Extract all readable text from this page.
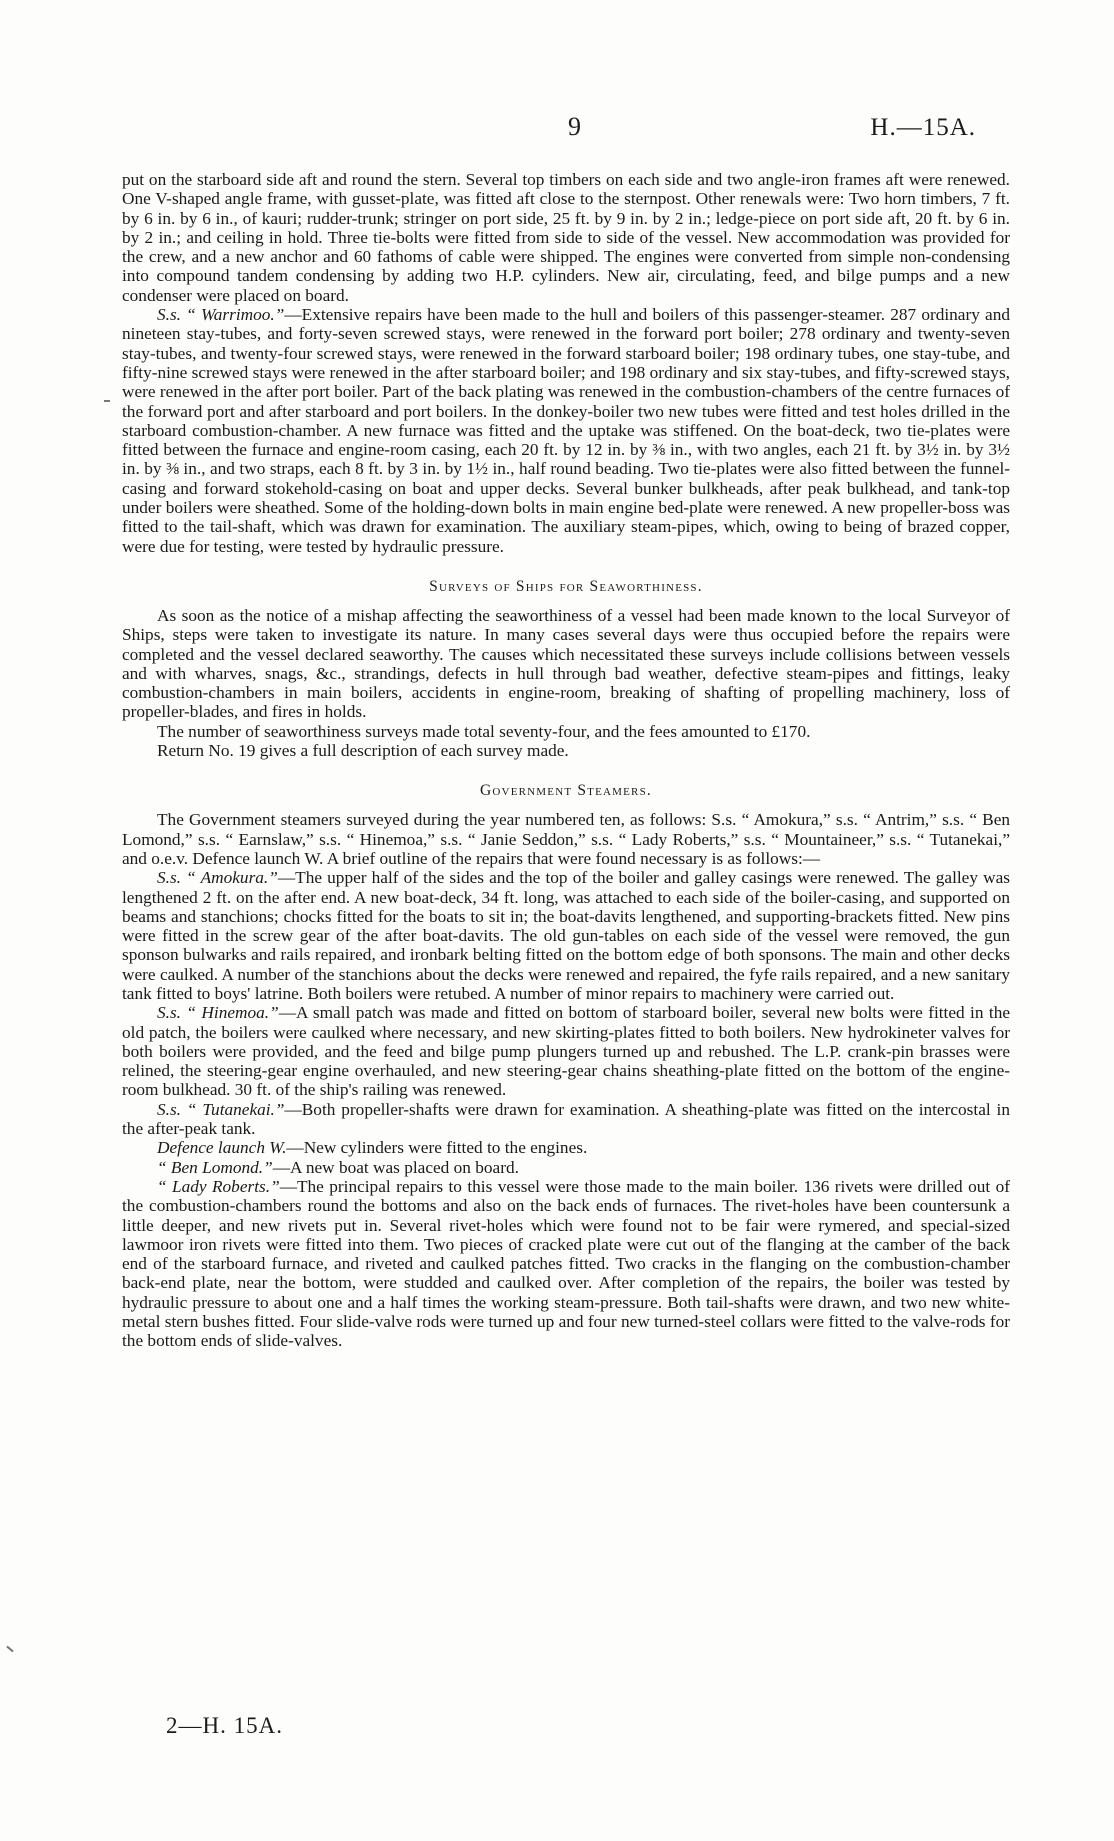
9	H.—15A.

put on the starboard side aft and round the stern. Several top timbers on each side and two angle-iron frames aft were renewed. One V-shaped angle frame, with gusset-plate, was fitted aft close to the sternpost. Other renewals were: Two horn timbers, 7 ft. by 6 in. by 6 in., of kauri; rudder-trunk; stringer on port side, 25 ft. by 9 in. by 2 in.; ledge-piece on port side aft, 20 ft. by 6 in. by 2 in.; and ceiling in hold. Three tie-bolts were fitted from side to side of the vessel. New accommodation was provided for the crew, and a new anchor and 60 fathoms of cable were shipped. The engines were converted from simple non-condensing into compound tandem condensing by adding two H.P. cylinders. New air, circulating, feed, and bilge pumps and a new condenser were placed on board.

S.s. “ Warrimoo.”—Extensive repairs have been made to the hull and boilers of this passenger-steamer. 287 ordinary and nineteen stay-tubes, and forty-seven screwed stays, were renewed in the forward port boiler; 278 ordinary and twenty-seven stay-tubes, and twenty-four screwed stays, were renewed in the forward starboard boiler; 198 ordinary tubes, one stay-tube, and fifty-nine screwed stays were renewed in the after starboard boiler; and 198 ordinary and six stay-tubes, and fifty-screwed stays, were renewed in the after port boiler. Part of the back plating was renewed in the combustion-chambers of the centre furnaces of the forward port and after starboard and port boilers. In the donkey-boiler two new tubes were fitted and test holes drilled in the starboard combustion-chamber. A new furnace was fitted and the uptake was stiffened. On the boat-deck, two tie-plates were fitted between the furnace and engine-room casing, each 20 ft. by 12 in. by ⅜ in., with two angles, each 21 ft. by 3½ in. by 3½ in. by ⅜ in., and two straps, each 8 ft. by 3 in. by 1½ in., half round beading. Two tie-plates were also fitted between the funnel-casing and forward stokehold-casing on boat and upper decks. Several bunker bulkheads, after peak bulkhead, and tank-top under boilers were sheathed. Some of the holding-down bolts in main engine bed-plate were renewed. A new propeller-boss was fitted to the tail-shaft, which was drawn for examination. The auxiliary steam-pipes, which, owing to being of brazed copper, were due for testing, were tested by hydraulic pressure.

Surveys of Ships for Seaworthiness.

As soon as the notice of a mishap affecting the seaworthiness of a vessel had been made known to the local Surveyor of Ships, steps were taken to investigate its nature. In many cases several days were thus occupied before the repairs were completed and the vessel declared seaworthy. The causes which necessitated these surveys include collisions between vessels and with wharves, snags, &c., strandings, defects in hull through bad weather, defective steam-pipes and fittings, leaky combustion-chambers in main boilers, accidents in engine-room, breaking of shafting of propelling machinery, loss of propeller-blades, and fires in holds.

The number of seaworthiness surveys made total seventy-four, and the fees amounted to £170.

Return No. 19 gives a full description of each survey made.

Government Steamers.

The Government steamers surveyed during the year numbered ten, as follows: S.s. “ Amokura,” s.s. “ Antrim,” s.s. “ Ben Lomond,” s.s. “ Earnslaw,” s.s. “ Hinemoa,” s.s. “ Janie Seddon,” s.s. “ Lady Roberts,” s.s. “ Mountaineer,” s.s. “ Tutanekai,” and o.e.v. Defence launch W. A brief outline of the repairs that were found necessary is as follows:—

S.s. “ Amokura.”—The upper half of the sides and the top of the boiler and galley casings were renewed. The galley was lengthened 2 ft. on the after end. A new boat-deck, 34 ft. long, was attached to each side of the boiler-casing, and supported on beams and stanchions; chocks fitted for the boats to sit in; the boat-davits lengthened, and supporting-brackets fitted. New pins were fitted in the screw gear of the after boat-davits. The old gun-tables on each side of the vessel were removed, the gun sponson bulwarks and rails repaired, and ironbark belting fitted on the bottom edge of both sponsons. The main and other decks were caulked. A number of the stanchions about the decks were renewed and repaired, the fyfe rails repaired, and a new sanitary tank fitted to boys' latrine. Both boilers were retubed. A number of minor repairs to machinery were carried out.

S.s. “ Hinemoa.”—A small patch was made and fitted on bottom of starboard boiler, several new bolts were fitted in the old patch, the boilers were caulked where necessary, and new skirting-plates fitted to both boilers. New hydrokineter valves for both boilers were provided, and the feed and bilge pump plungers turned up and rebushed. The L.P. crank-pin brasses were relined, the steering-gear engine overhauled, and new steering-gear chains sheathing-plate fitted on the bottom of the engine-room bulkhead. 30 ft. of the ship's railing was renewed.

S.s. “ Tutanekai.”—Both propeller-shafts were drawn for examination. A sheathing-plate was fitted on the intercostal in the after-peak tank.

Defence launch W.—New cylinders were fitted to the engines.

“ Ben Lomond.”—A new boat was placed on board.

“ Lady Roberts.”—The principal repairs to this vessel were those made to the main boiler. 136 rivets were drilled out of the combustion-chambers round the bottoms and also on the back ends of furnaces. The rivet-holes have been countersunk a little deeper, and new rivets put in. Several rivet-holes which were found not to be fair were rymered, and special-sized lawmoor iron rivets were fitted into them. Two pieces of cracked plate were cut out of the flanging at the camber of the back end of the starboard furnace, and riveted and caulked patches fitted. Two cracks in the flanging on the combustion-chamber back-end plate, near the bottom, were studded and caulked over. After completion of the repairs, the boiler was tested by hydraulic pressure to about one and a half times the working steam-pressure. Both tail-shafts were drawn, and two new white-metal stern bushes fitted. Four slide-valve rods were turned up and four new turned-steel collars were fitted to the valve-rods for the bottom ends of slide-valves.

2—H. 15A.
